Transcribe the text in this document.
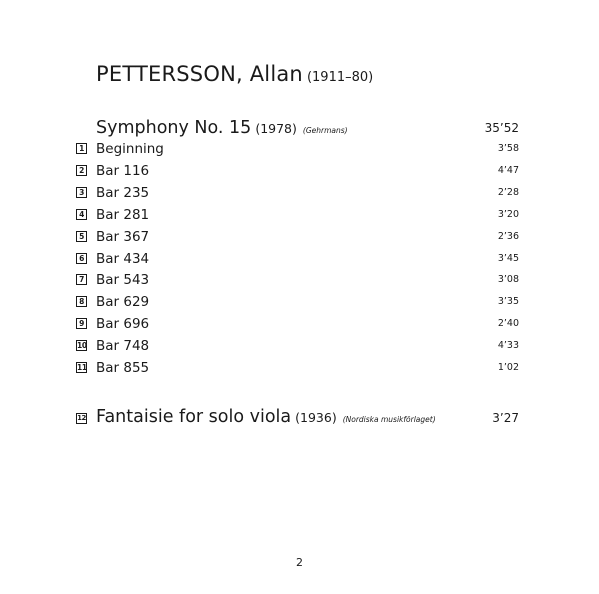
PETTERSSON, Allan (1911–80)
Symphony No. 15 (1978) (Gehrmans)	35’52
1 Beginning	3’58
2 Bar 116	4’47
3 Bar 235	2’28
4 Bar 281	3’20
5 Bar 367	2’36
6 Bar 434	3’45
7 Bar 543	3’08
8 Bar 629	3’35
9 Bar 696	2’40
10 Bar 748	4’33
11 Bar 855	1’02
12 Fantaisie for solo viola (1936) (Nordiska musikförlaget)	3’27
2
